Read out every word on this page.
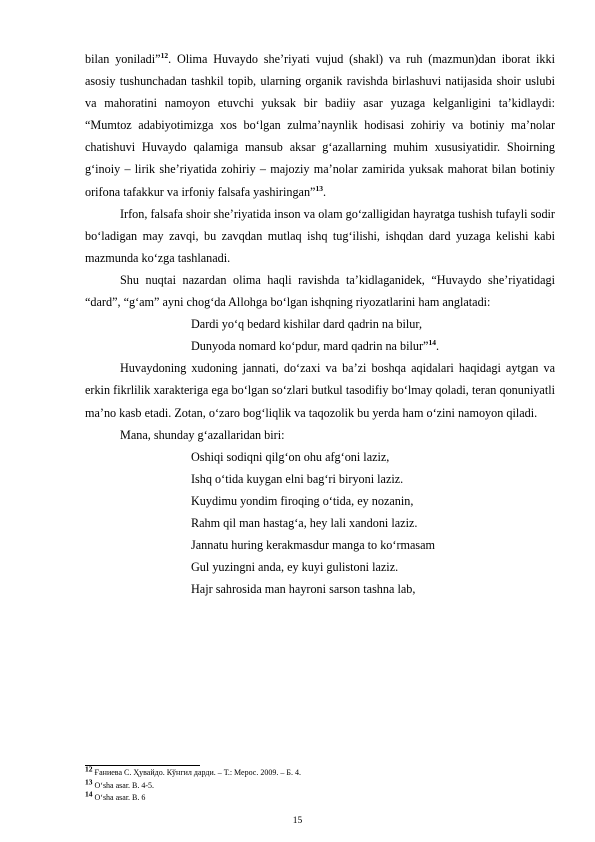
bilan yoniladi”$^{12}$. Olima Huvaydo she’riyati vujud (shakl) va ruh (mazmun)dan iborat ikki asosiy tushunchadan tashkil topib, ularning organik ravishda birlashuvi natijasida shoir uslubi va mahoratini namoyon etuvchi yuksak bir badiiy asar yuzaga kelganligini ta’kidlaydi: “Mumtoz adabiyotimizga xos bo‘lgan zulma’naynlik hodisasi zohiriy va botiniy ma’nolar chatishuvi Huvaydo qalamiga mansub aksar g‘azallarning muhim xususiyatidir. Shoirning g‘inoiy – lirik she’riyatida zohiriy – majoziy ma’nolar zamirida yuksak mahorat bilan botiniy orifona tafakkur va irfoniy falsafa yashiringan”$^{13}$.

Irfon, falsafa shoir she’riyatida inson va olam go‘zalligidan hayratga tushish tufayli sodir bo‘ladigan may zavqi, bu zavqdan mutlaq ishq tug‘ilishi, ishqdan dard yuzaga kelishi kabi mazmunda ko‘zga tashlanadi.

Shu nuqtai nazardan olima haqli ravishda ta’kidlaganidek, “Huvaydo she’riyatidagi “dard”, “g‘am” ayni chog‘da Allohga bo‘lgan ishqning riyozatlarini ham anglatadi:

Dardi yo‘q bedard kishilar dard qadrin na bilur,

Dunyoda nomard ko‘pdur, mard qadrin na bilur”$^{14}$.

Huvaydoning xudoning jannati, do‘zaxi va ba’zi boshqa aqidalari haqidagi aytgan va erkin fikrlilik xarakteriga ega bo‘lgan so‘zlari butkul tasodifiy bo‘lmay qoladi, teran qonuniyatli ma’no kasb etadi. Zotan, o‘zaro bog‘liqlik va taqozolik bu yerda ham o‘zini namoyon qiladi.

Mana, shunday g‘azallaridan biri:

Oshiqi sodiqni qilg‘on ohu afg‘oni laziz,

Ishq o‘tida kuygan elni bag‘ri biryoni laziz.

Kuydimu yondim firoqing o‘tida, ey nozanin,

Rahm qil man hastag‘a, hey lali xandoni laziz.

Jannatu huring kerakmasdur manga to ko‘rmasam

Gul yuzingni anda, ey kuyi gulistoni laziz.

Hajr sahrosida man hayroni sarson tashna lab,

$^{12}$ Ғаниева С. Ҳувайдо. Кўнгил дарди. – Т.: Мерос. 2009. – Б. 4.

$^{13}$ O‘sha asar. B. 4-5.

$^{14}$ O‘sha asar. B. 6

15
